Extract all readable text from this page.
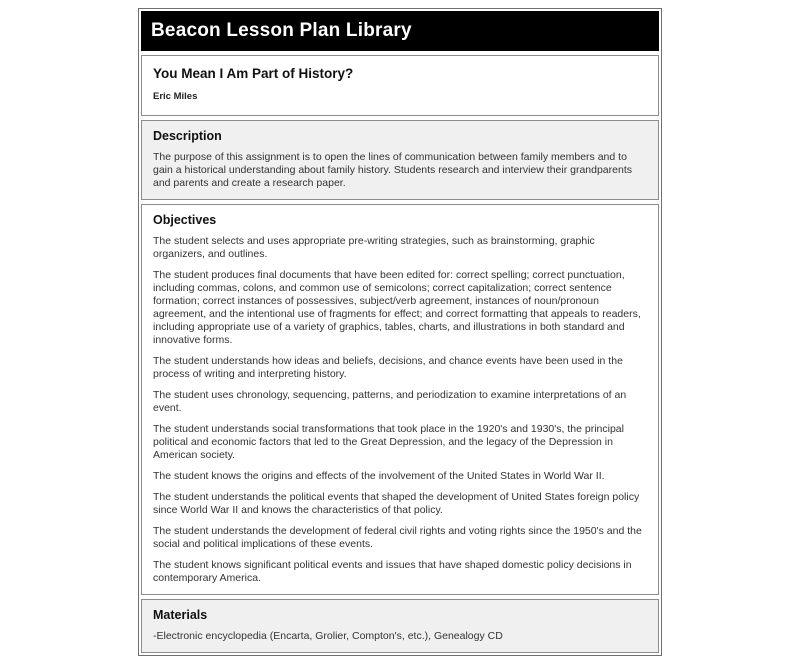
Beacon Lesson Plan Library
You Mean I Am Part of History?
Eric Miles
Description

The purpose of this assignment is to open the lines of communication between family members and to gain a historical understanding about family history. Students research and interview their grandparents and parents and create a research paper.

Objectives

The student selects and uses appropriate pre-writing strategies, such as brainstorming, graphic organizers, and outlines.

The student produces final documents that have been edited for: correct spelling; correct punctuation, including commas, colons, and common use of semicolons; correct capitalization; correct sentence formation; correct instances of possessives, subject/verb agreement, instances of noun/pronoun agreement, and the intentional use of fragments for effect; and correct formatting that appeals to readers, including appropriate use of a variety of graphics, tables, charts, and illustrations in both standard and innovative forms.

The student understands how ideas and beliefs, decisions, and chance events have been used in the process of writing and interpreting history.

The student uses chronology, sequencing, patterns, and periodization to examine interpretations of an event.

The student understands social transformations that took place in the 1920's and 1930's, the principal political and economic factors that led to the Great Depression, and the legacy of the Depression in American society.

The student knows the origins and effects of the involvement of the United States in World War II.

The student understands the political events that shaped the development of United States foreign policy since World War II and knows the characteristics of that policy.

The student understands the development of federal civil rights and voting rights since the 1950's and the social and political implications of these events.

The student knows significant political events and issues that have shaped domestic policy decisions in contemporary America.

Materials

-Electronic encyclopedia (Encarta, Grolier, Compton's, etc.), Genealogy CD
